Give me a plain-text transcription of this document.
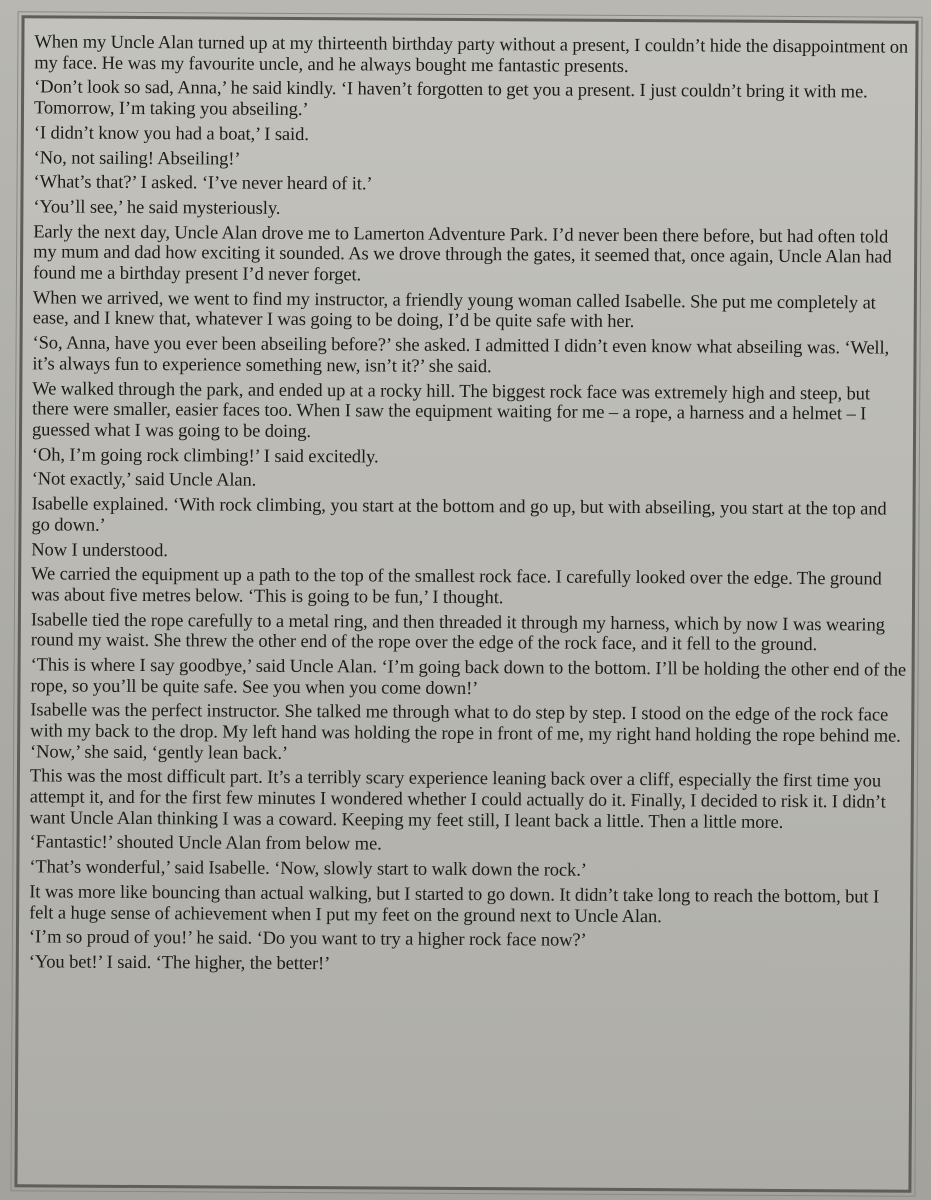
When my Uncle Alan turned up at my thirteenth birthday party without a present, I couldn’t hide the disappointment on my face. He was my favourite uncle, and he always bought me fantastic presents.

‘Don’t look so sad, Anna,’ he said kindly. ‘I haven’t forgotten to get you a present. I just couldn’t bring it with me. Tomorrow, I’m taking you abseiling.’

‘I didn’t know you had a boat,’ I said.

‘No, not sailing! Abseiling!’

‘What’s that?’ I asked. ‘I’ve never heard of it.’

‘You’ll see,’ he said mysteriously.

Early the next day, Uncle Alan drove me to Lamerton Adventure Park. I’d never been there before, but had often told my mum and dad how exciting it sounded. As we drove through the gates, it seemed that, once again, Uncle Alan had found me a birthday present I’d never forget.

When we arrived, we went to find my instructor, a friendly young woman called Isabelle. She put me completely at ease, and I knew that, whatever I was going to be doing, I’d be quite safe with her.

‘So, Anna, have you ever been abseiling before?’ she asked. I admitted I didn’t even know what abseiling was. ‘Well, it’s always fun to experience something new, isn’t it?’ she said.

We walked through the park, and ended up at a rocky hill. The biggest rock face was extremely high and steep, but there were smaller, easier faces too. When I saw the equipment waiting for me – a rope, a harness and a helmet – I guessed what I was going to be doing.

‘Oh, I’m going rock climbing!’ I said excitedly.

‘Not exactly,’ said Uncle Alan.

Isabelle explained. ‘With rock climbing, you start at the bottom and go up, but with abseiling, you start at the top and go down.’

Now I understood.

We carried the equipment up a path to the top of the smallest rock face. I carefully looked over the edge. The ground was about five metres below. ‘This is going to be fun,’ I thought.

Isabelle tied the rope carefully to a metal ring, and then threaded it through my harness, which by now I was wearing round my waist. She threw the other end of the rope over the edge of the rock face, and it fell to the ground.

‘This is where I say goodbye,’ said Uncle Alan. ‘I’m going back down to the bottom. I’ll be holding the other end of the rope, so you’ll be quite safe. See you when you come down!’

Isabelle was the perfect instructor. She talked me through what to do step by step. I stood on the edge of the rock face with my back to the drop. My left hand was holding the rope in front of me, my right hand holding the rope behind me. ‘Now,’ she said, ‘gently lean back.’

This was the most difficult part. It’s a terribly scary experience leaning back over a cliff, especially the first time you attempt it, and for the first few minutes I wondered whether I could actually do it. Finally, I decided to risk it. I didn’t want Uncle Alan thinking I was a coward. Keeping my feet still, I leant back a little. Then a little more.

‘Fantastic!’ shouted Uncle Alan from below me.

‘That’s wonderful,’ said Isabelle. ‘Now, slowly start to walk down the rock.’

It was more like bouncing than actual walking, but I started to go down. It didn’t take long to reach the bottom, but I felt a huge sense of achievement when I put my feet on the ground next to Uncle Alan.

‘I’m so proud of you!’ he said. ‘Do you want to try a higher rock face now?’

‘You bet!’ I said. ‘The higher, the better!’
